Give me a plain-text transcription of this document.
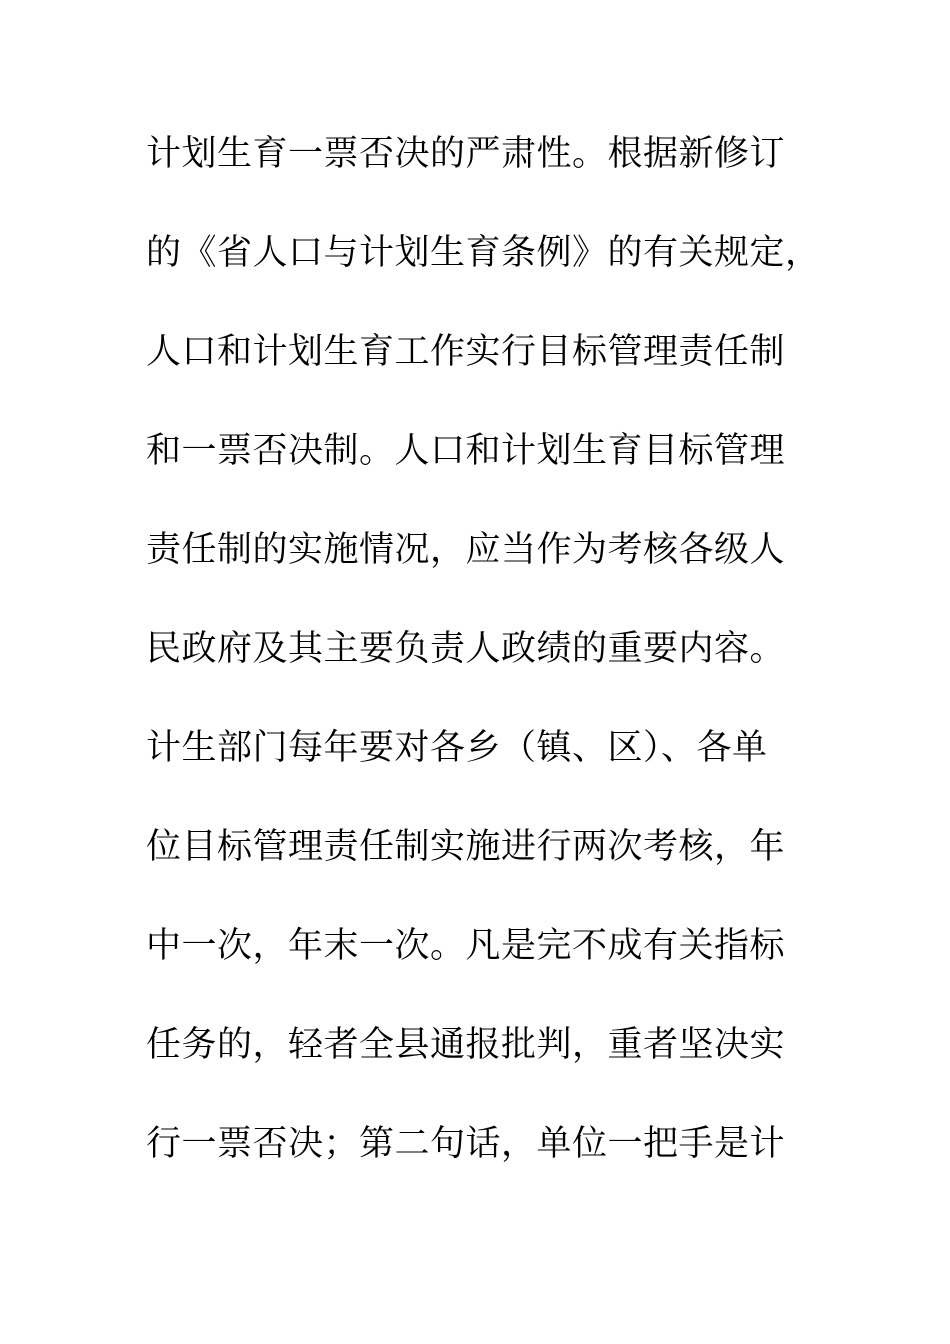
计划生育一票否决的严肃性。根据新修订
的《省人口与计划生育条例》的有关规定，
人口和计划生育工作实行目标管理责任制
和一票否决制。人口和计划生育目标管理
责任制的实施情况，应当作为考核各级人
民政府及其主要负责人政绩的重要内容。
计生部门每年要对各乡（镇、区）、各单
位目标管理责任制实施进行两次考核，年
中一次，年末一次。凡是完不成有关指标
任务的，轻者全县通报批判，重者坚决实
行一票否决；第二句话，单位一把手是计
